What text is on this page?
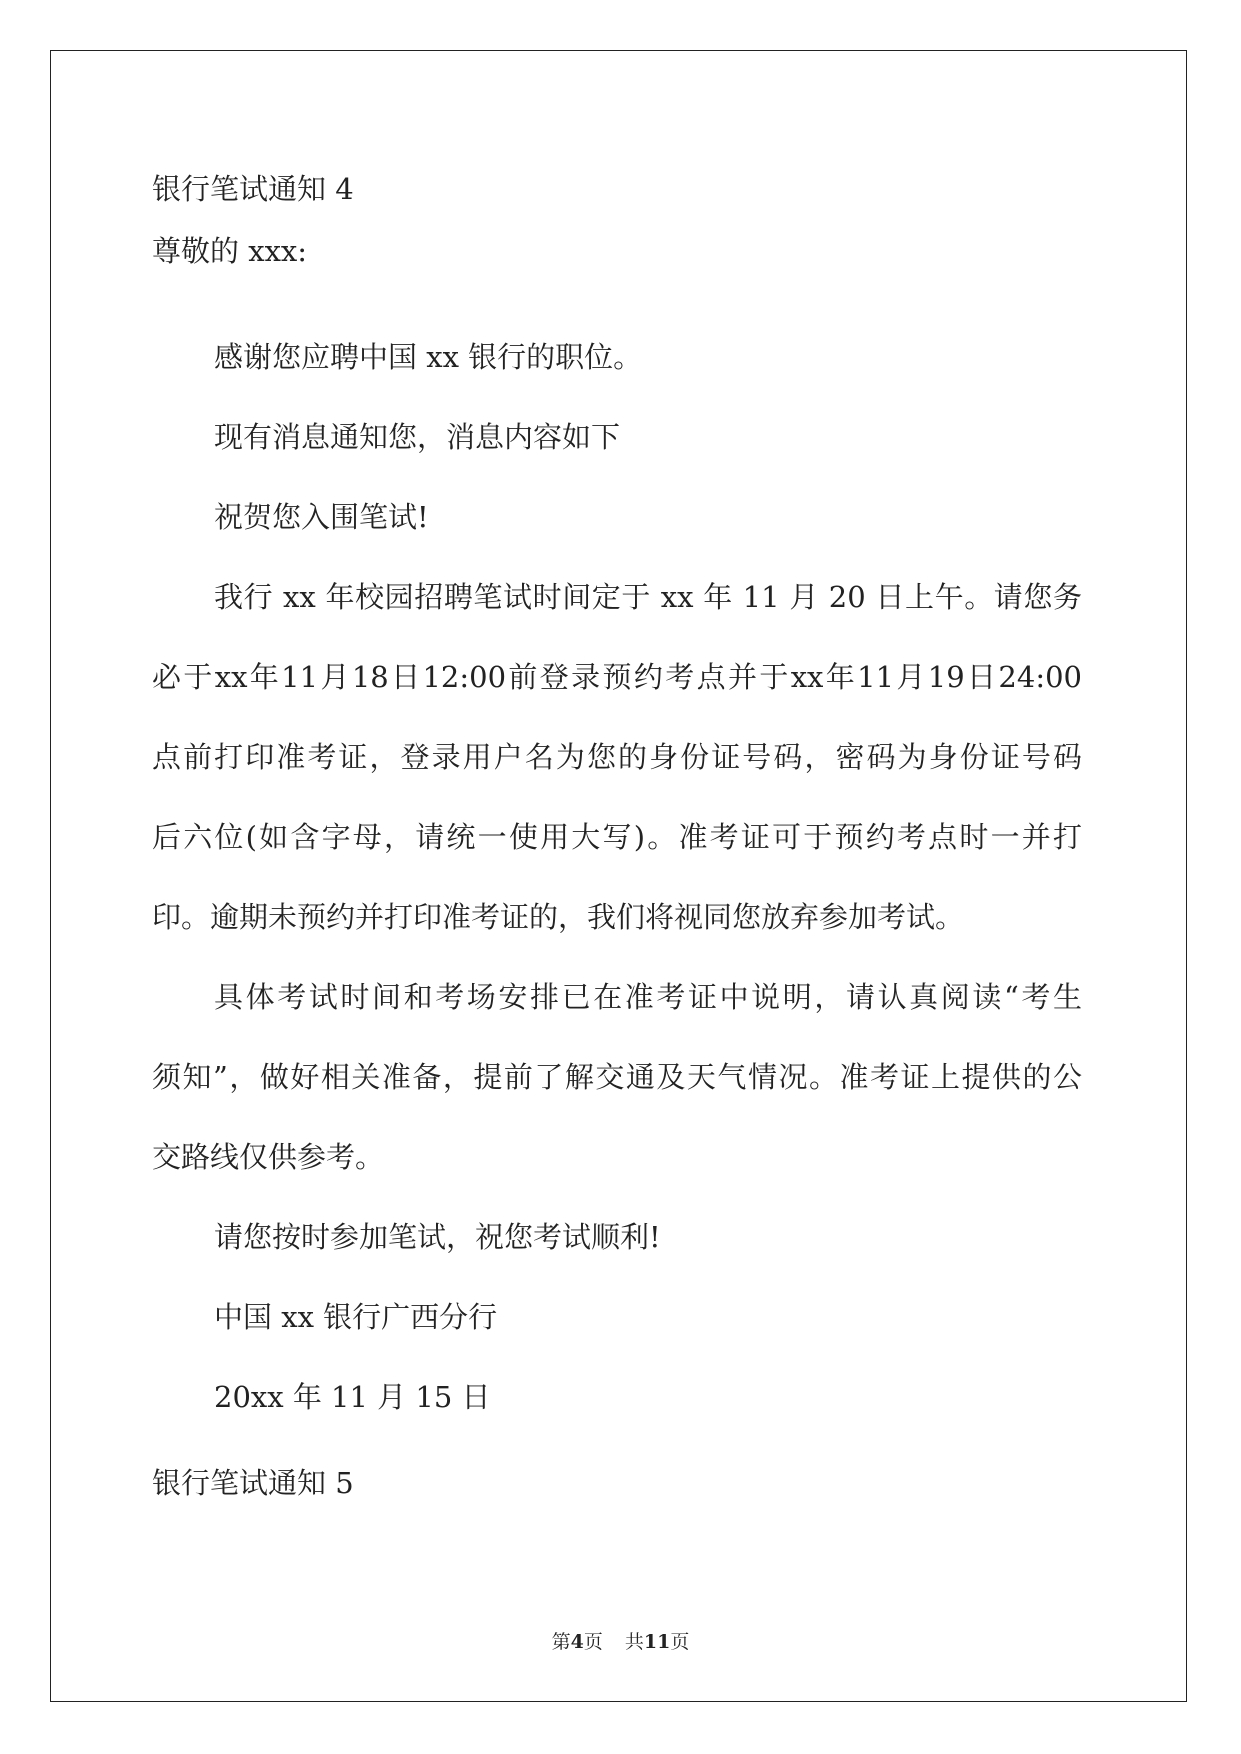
银行笔试通知 4
尊敬的 xxx:
感谢您应聘中国 xx 银行的职位。
现有消息通知您，消息内容如下
祝贺您入围笔试!
我行 xx 年校园招聘笔试时间定于 xx 年 11 月 20 日上午。请您务
必于xx年11月18日12:00前登录预约考点并于xx年11月19日24:00
点前打印准考证，登录用户名为您的身份证号码，密码为身份证号码
后六位(如含字母，请统一使用大写)。准考证可于预约考点时一并打
印。逾期未预约并打印准考证的，我们将视同您放弃参加考试。
具体考试时间和考场安排已在准考证中说明，请认真阅读“考生
须知”，做好相关准备，提前了解交通及天气情况。准考证上提供的公
交路线仅供参考。
请您按时参加笔试，祝您考试顺利!
中国 xx 银行广西分行
20xx 年 11 月 15 日
银行笔试通知 5
第4页 共11页
